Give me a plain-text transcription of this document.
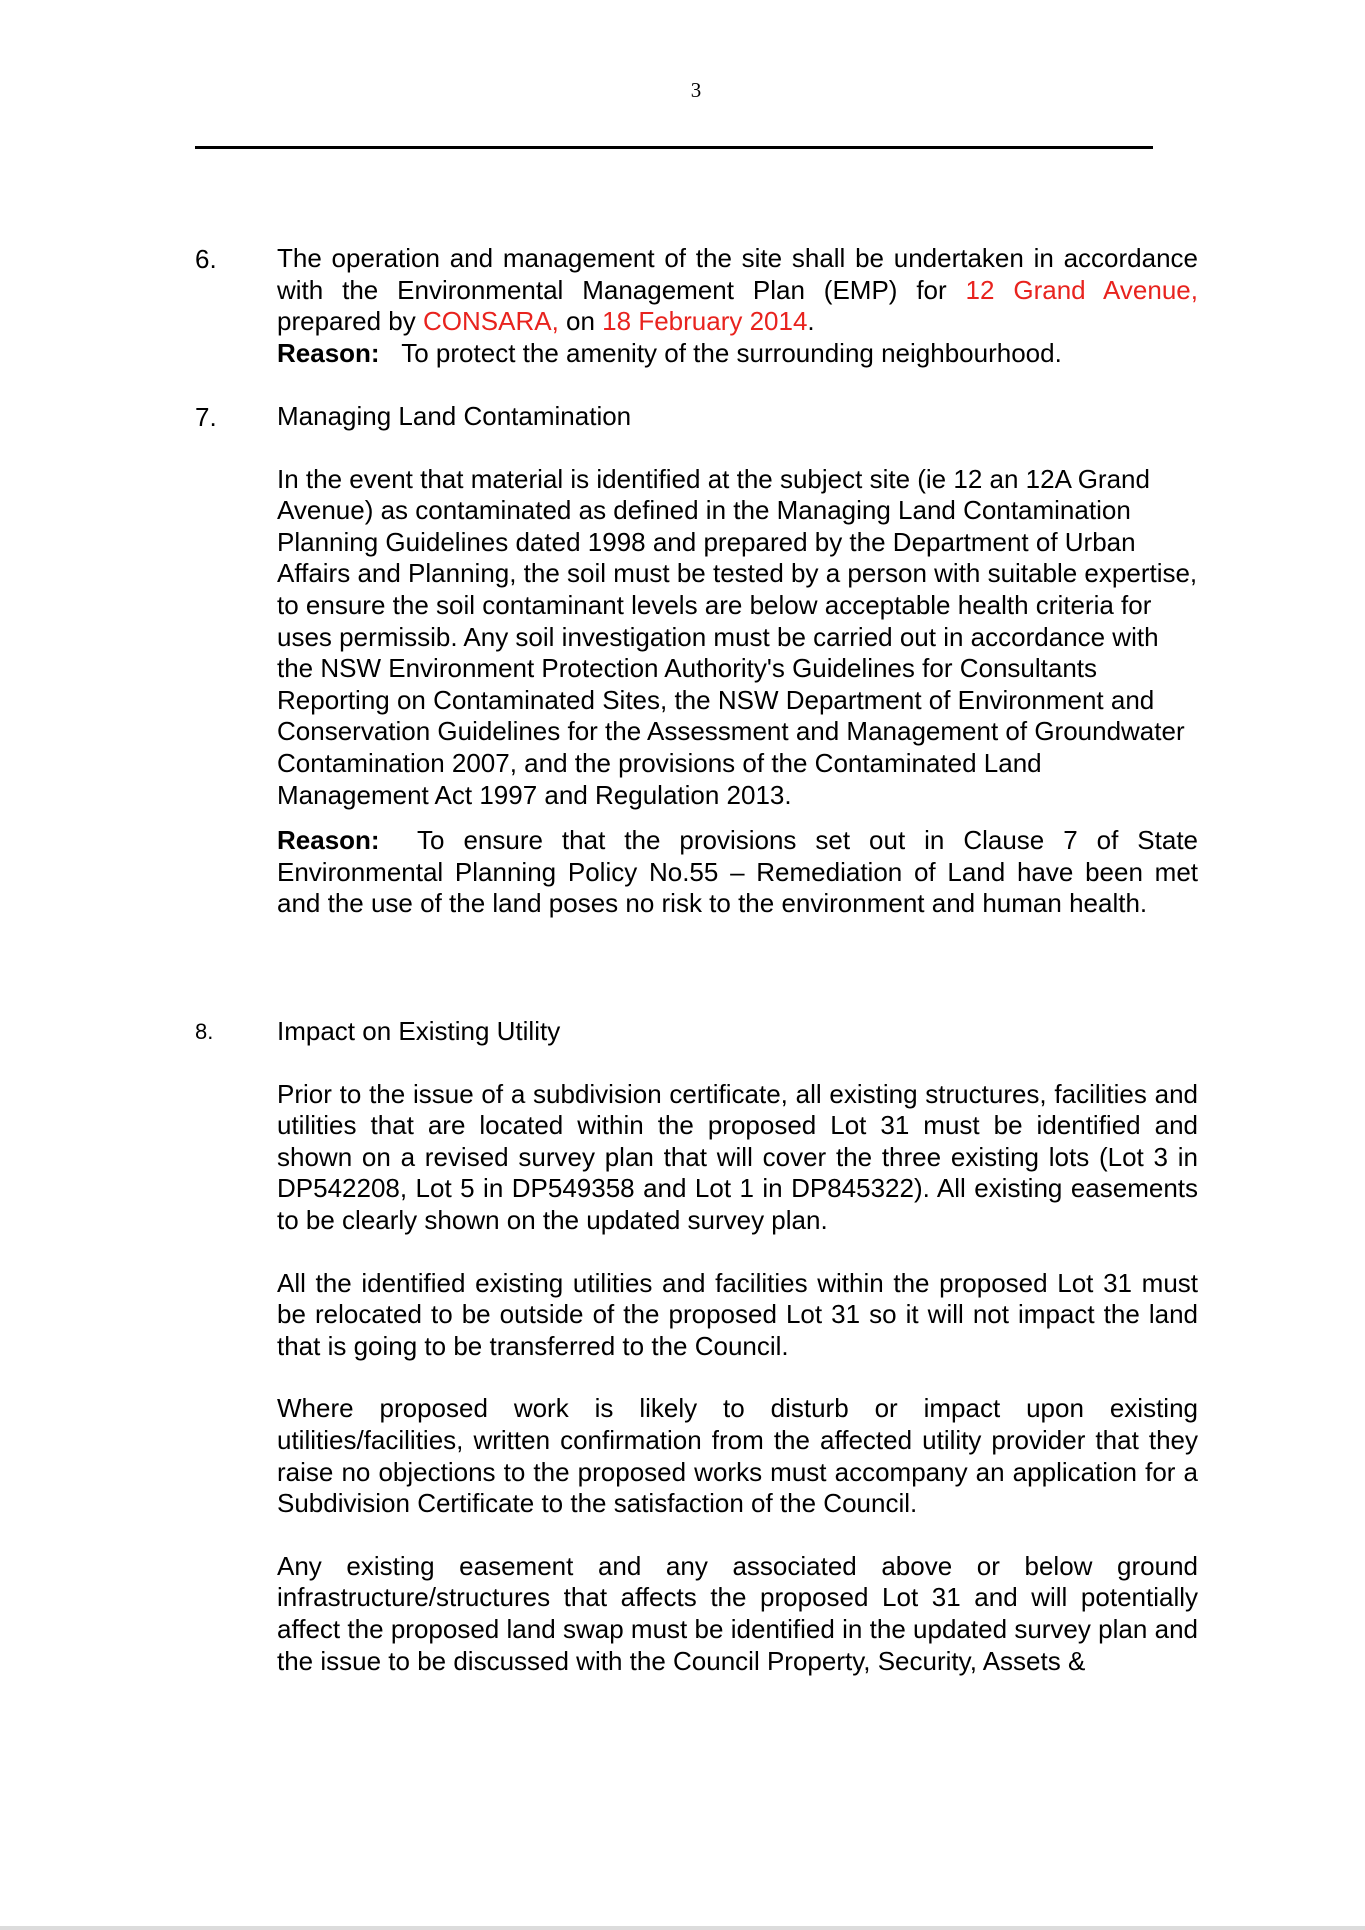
3
6. The operation and management of the site shall be undertaken in accordance with the Environmental Management Plan (EMP) for 12 Grand Avenue, prepared by CONSARA, on 18 February 2014.

Reason: To protect the amenity of the surrounding neighbourhood.

7. Managing Land Contamination

In the event that material is identified at the subject site (ie 12 an 12A Grand Avenue) as contaminated as defined in the Managing Land Contamination Planning Guidelines dated 1998 and prepared by the Department of Urban Affairs and Planning, the soil must be tested by a person with suitable expertise, to ensure the soil contaminant levels are below acceptable health criteria for uses permissib. Any soil investigation must be carried out in accordance with the NSW Environment Protection Authority's Guidelines for Consultants Reporting on Contaminated Sites, the NSW Department of Environment and Conservation Guidelines for the Assessment and Management of Groundwater Contamination 2007, and the provisions of the Contaminated Land Management Act 1997 and Regulation 2013.

Reason: To ensure that the provisions set out in Clause 7 of State Environmental Planning Policy No.55 – Remediation of Land have been met and the use of the land poses no risk to the environment and human health.

8. Impact on Existing Utility

Prior to the issue of a subdivision certificate, all existing structures, facilities and utilities that are located within the proposed Lot 31 must be identified and shown on a revised survey plan that will cover the three existing lots (Lot 3 in DP542208, Lot 5 in DP549358 and Lot 1 in DP845322). All existing easements to be clearly shown on the updated survey plan.

All the identified existing utilities and facilities within the proposed Lot 31 must be relocated to be outside of the proposed Lot 31 so it will not impact the land that is going to be transferred to the Council.

Where proposed work is likely to disturb or impact upon existing utilities/facilities, written confirmation from the affected utility provider that they raise no objections to the proposed works must accompany an application for a Subdivision Certificate to the satisfaction of the Council.

Any existing easement and any associated above or below ground infrastructure/structures that affects the proposed Lot 31 and will potentially affect the proposed land swap must be identified in the updated survey plan and the issue to be discussed with the Council Property, Security, Assets &
